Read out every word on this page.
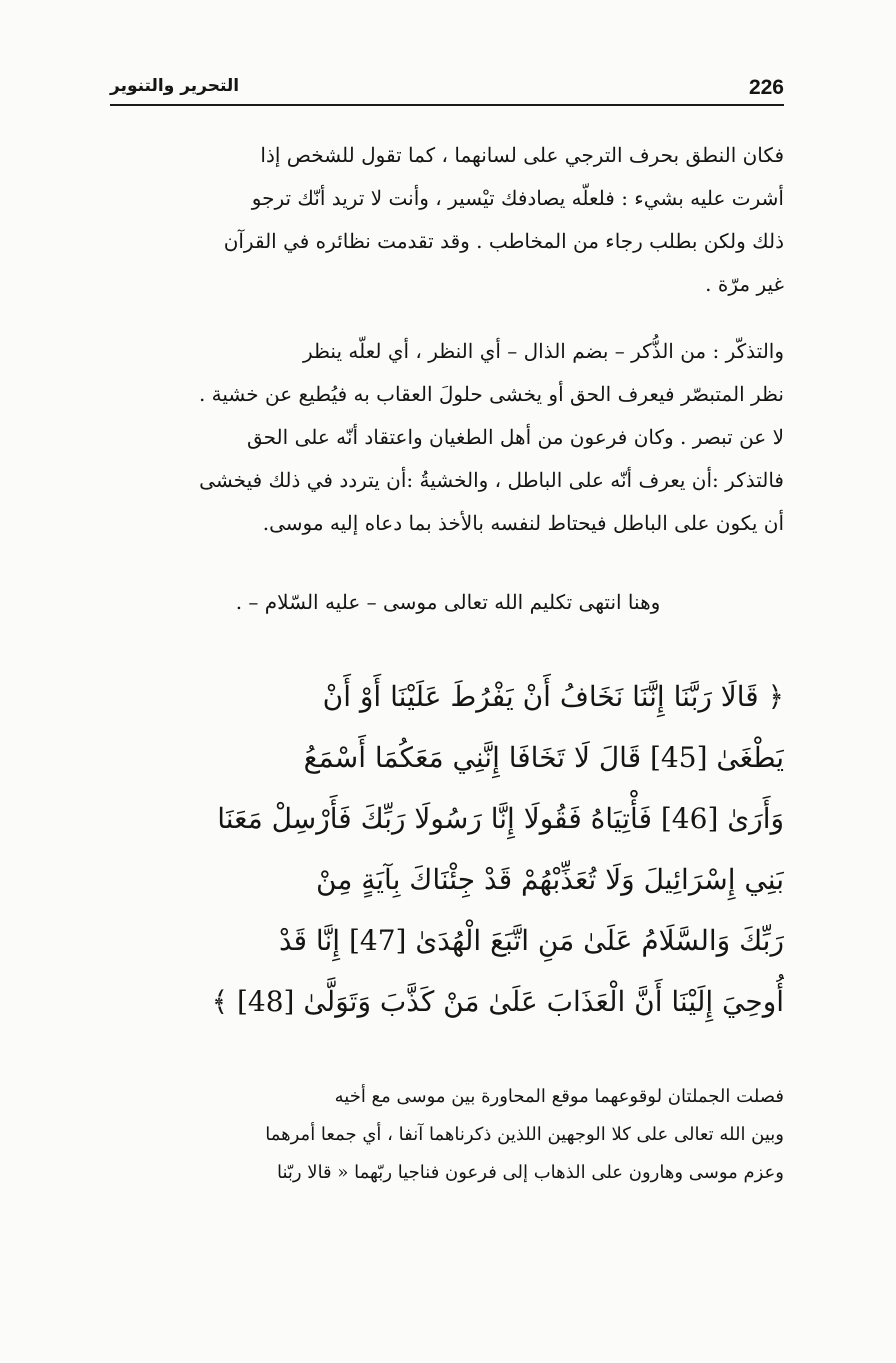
226
التحرير والتنوير

فكان النطق بحرف الترجي على لسانهما ، كما تقول للشخص إذا
أشرت عليه بشيء : فلعلّه يصادفك تيْسير ، وأنت لا تريد أنّك ترجو
ذلك ولكن بطلب رجاء من المخاطب . وقد تقدمت نظائره في القرآن
غير مرّة .

والتذكّر : من الذُّكر – بضم الذال – أي النظر ، أي لعلّه ينظر
نظر المتبصّر فيعرف الحق أو يخشى حلولَ العقاب به فيُطيع عن خشية .
لا عن تبصر . وكان فرعون من أهل الطغيان واعتقاد أنّه على الحق
فالتذكر :أن يعرف أنّه على الباطل ، والخشيةُ :أن يتردد في ذلك فيخشى
أن يكون على الباطل فيحتاط لنفسه بالأخذ بما دعاه إليه موسى.

وهنا انتهى تكليم الله تعالى موسى – عليه السّلام – .

﴿ قَالَا رَبَّنَا إِنَّنَا نَخَافُ أَنْ يَفْرُطَ عَلَيْنَا أَوْ أَنْ
يَطْغَىٰ [45] قَالَ لَا تَخَافَا إِنَّنِي مَعَكُمَا أَسْمَعُ
وَأَرَىٰ [46] فَأْتِيَاهُ فَقُولَا إِنَّا رَسُولَا رَبِّكَ فَأَرْسِلْ مَعَنَا
بَنِي إِسْرَائِيلَ وَلَا تُعَذِّبْهُمْ قَدْ جِئْنَاكَ بِآيَةٍ مِنْ
رَبِّكَ وَالسَّلَامُ عَلَىٰ مَنِ اتَّبَعَ الْهُدَىٰ [47] إِنَّا قَدْ
أُوحِيَ إِلَيْنَا أَنَّ الْعَذَابَ عَلَىٰ مَنْ كَذَّبَ وَتَوَلَّىٰ [48] ﴾

فصلت الجملتان لوقوعهما موقع المحاورة بين موسى مع أخيه
وبين الله تعالى على كلا الوجهين اللذين ذكرناهما آنفا ، أي جمعا أمرهما
وعزم موسى وهارون على الذهاب إلى فرعون فناجيا ربّهما « قالا ربّنا
